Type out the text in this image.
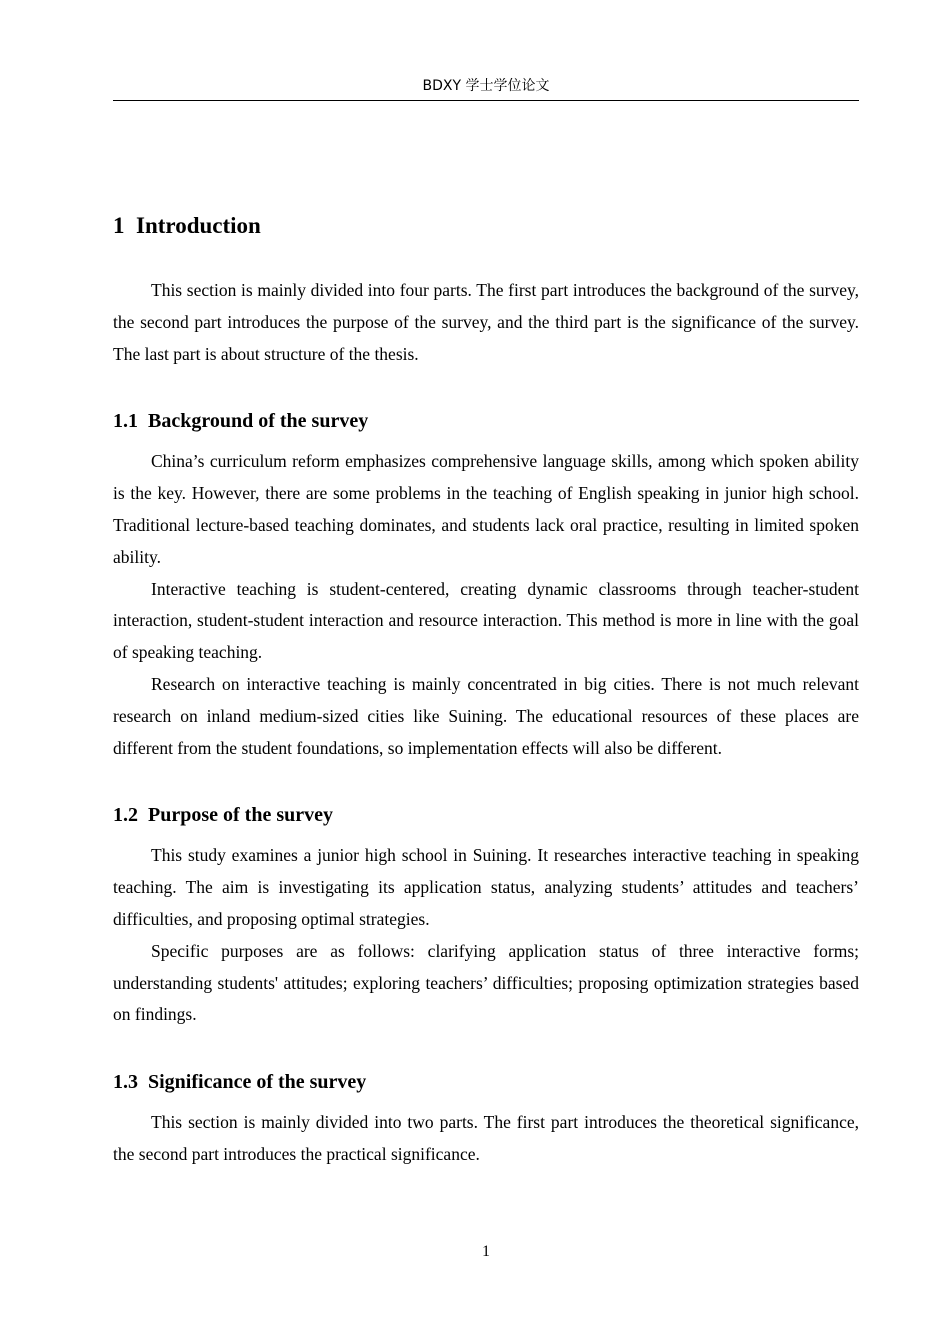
BDXY 学士学位论文
1 Introduction

This section is mainly divided into four parts. The first part introduces the background of the survey, the second part introduces the purpose of the survey, and the third part is the significance of the survey. The last part is about structure of the thesis.

1.1 Background of the survey

China’s curriculum reform emphasizes comprehensive language skills, among which spoken ability is the key. However, there are some problems in the teaching of English speaking in junior high school. Traditional lecture-based teaching dominates, and students lack oral practice, resulting in limited spoken ability.

Interactive teaching is student-centered, creating dynamic classrooms through teacher-student interaction, student-student interaction and resource interaction. This method is more in line with the goal of speaking teaching.

Research on interactive teaching is mainly concentrated in big cities. There is not much relevant research on inland medium-sized cities like Suining. The educational resources of these places are different from the student foundations, so implementation effects will also be different.

1.2 Purpose of the survey

This study examines a junior high school in Suining. It researches interactive teaching in speaking teaching. The aim is investigating its application status, analyzing students’ attitudes and teachers’ difficulties, and proposing optimal strategies.

Specific purposes are as follows: clarifying application status of three interactive forms; understanding students' attitudes; exploring teachers’ difficulties; proposing optimization strategies based on findings.

1.3 Significance of the survey

This section is mainly divided into two parts. The first part introduces the theoretical significance, the second part introduces the practical significance.

1
